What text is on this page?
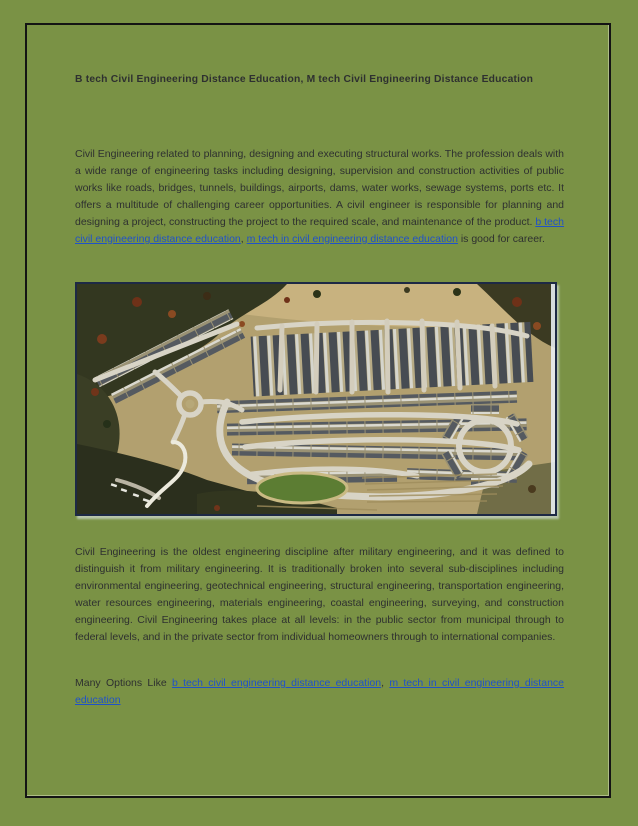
B tech Civil Engineering Distance Education, M tech Civil Engineering Distance Education

Civil Engineering related to planning, designing and executing structural works. The profession deals with a wide range of engineering tasks including designing, supervision and construction activities of public works like roads, bridges, tunnels, buildings, airports, dams, water works, sewage systems, ports etc. It offers a multitude of challenging career opportunities. A civil engineer is responsible for planning and designing a project, constructing the project to the required scale, and maintenance of the product. b tech civil engineering distance education, m tech in civil engineering distance education is good for career.

Civil Engineering is the oldest engineering discipline after military engineering, and it was defined to distinguish it from military engineering. It is traditionally broken into several sub-disciplines including environmental engineering, geotechnical engineering, structural engineering, transportation engineering, water resources engineering, materials engineering, coastal engineering, surveying, and construction engineering. Civil Engineering takes place at all levels: in the public sector from municipal through to federal levels, and in the private sector from individual homeowners through to international companies.

Many Options Like b tech civil engineering distance education, m tech in civil engineering distance education
